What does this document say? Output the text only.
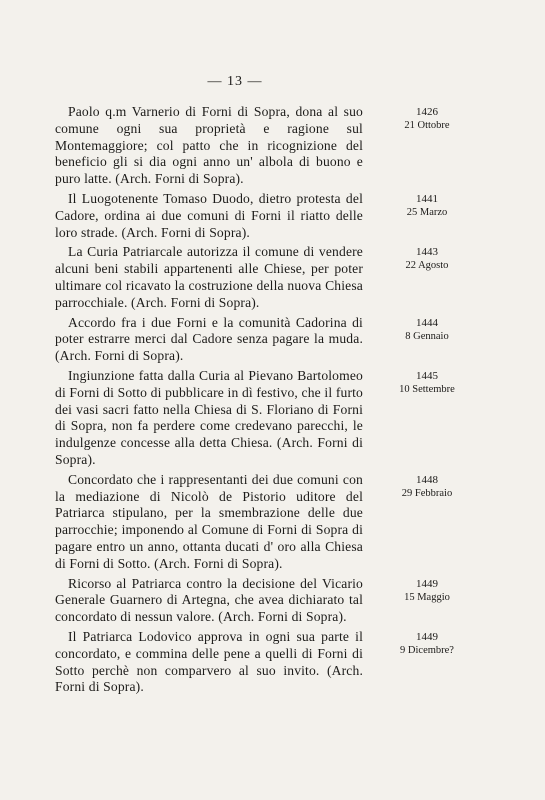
— 13 —

Paolo q.m Varnerio di Forni di Sopra, dona al suo comune ogni sua proprietà e ragione sul Montemaggiore; col patto che in ricognizione del beneficio gli si dia ogni anno un' albola di buono e puro latte. (Arch. Forni di Sopra).

1426
21 Ottobre

Il Luogotenente Tomaso Duodo, dietro protesta del Cadore, ordina ai due comuni di Forni il riatto delle loro strade. (Arch. Forni di Sopra).

1441
25 Marzo

La Curia Patriarcale autorizza il comune di vendere alcuni beni stabili appartenenti alle Chiese, per poter ultimare col ricavato la costruzione della nuova Chiesa parrocchiale. (Arch. Forni di Sopra).

1443
22 Agosto

Accordo fra i due Forni e la comunità Cadorina di poter estrarre merci dal Cadore senza pagare la muda. (Arch. Forni di Sopra).

1444
8 Gennaio

Ingiunzione fatta dalla Curia al Pievano Bartolomeo di Forni di Sotto di pubblicare in dì festivo, che il furto dei vasi sacri fatto nella Chiesa di S. Floriano di Forni di Sopra, non fa perdere come credevano parecchi, le indulgenze concesse alla detta Chiesa. (Arch. Forni di Sopra).

1445
10 Settembre

Concordato che i rappresentanti dei due comuni con la mediazione di Nicolò de Pistorio uditore del Patriarca stipulano, per la smembrazione delle due parrocchie; imponendo al Comune di Forni di Sopra di pagare entro un anno, ottanta ducati d' oro alla Chiesa di Forni di Sotto. (Arch. Forni di Sopra).

1448
29 Febbraio

Ricorso al Patriarca contro la decisione del Vicario Generale Guarnero di Artegna, che avea dichiarato tal concordato di nessun valore. (Arch. Forni di Sopra).

1449
15 Maggio

Il Patriarca Lodovico approva in ogni sua parte il concordato, e commina delle pene a quelli di Forni di Sotto perchè non comparvero al suo invito. (Arch. Forni di Sopra).

1449
9 Dicembre?
